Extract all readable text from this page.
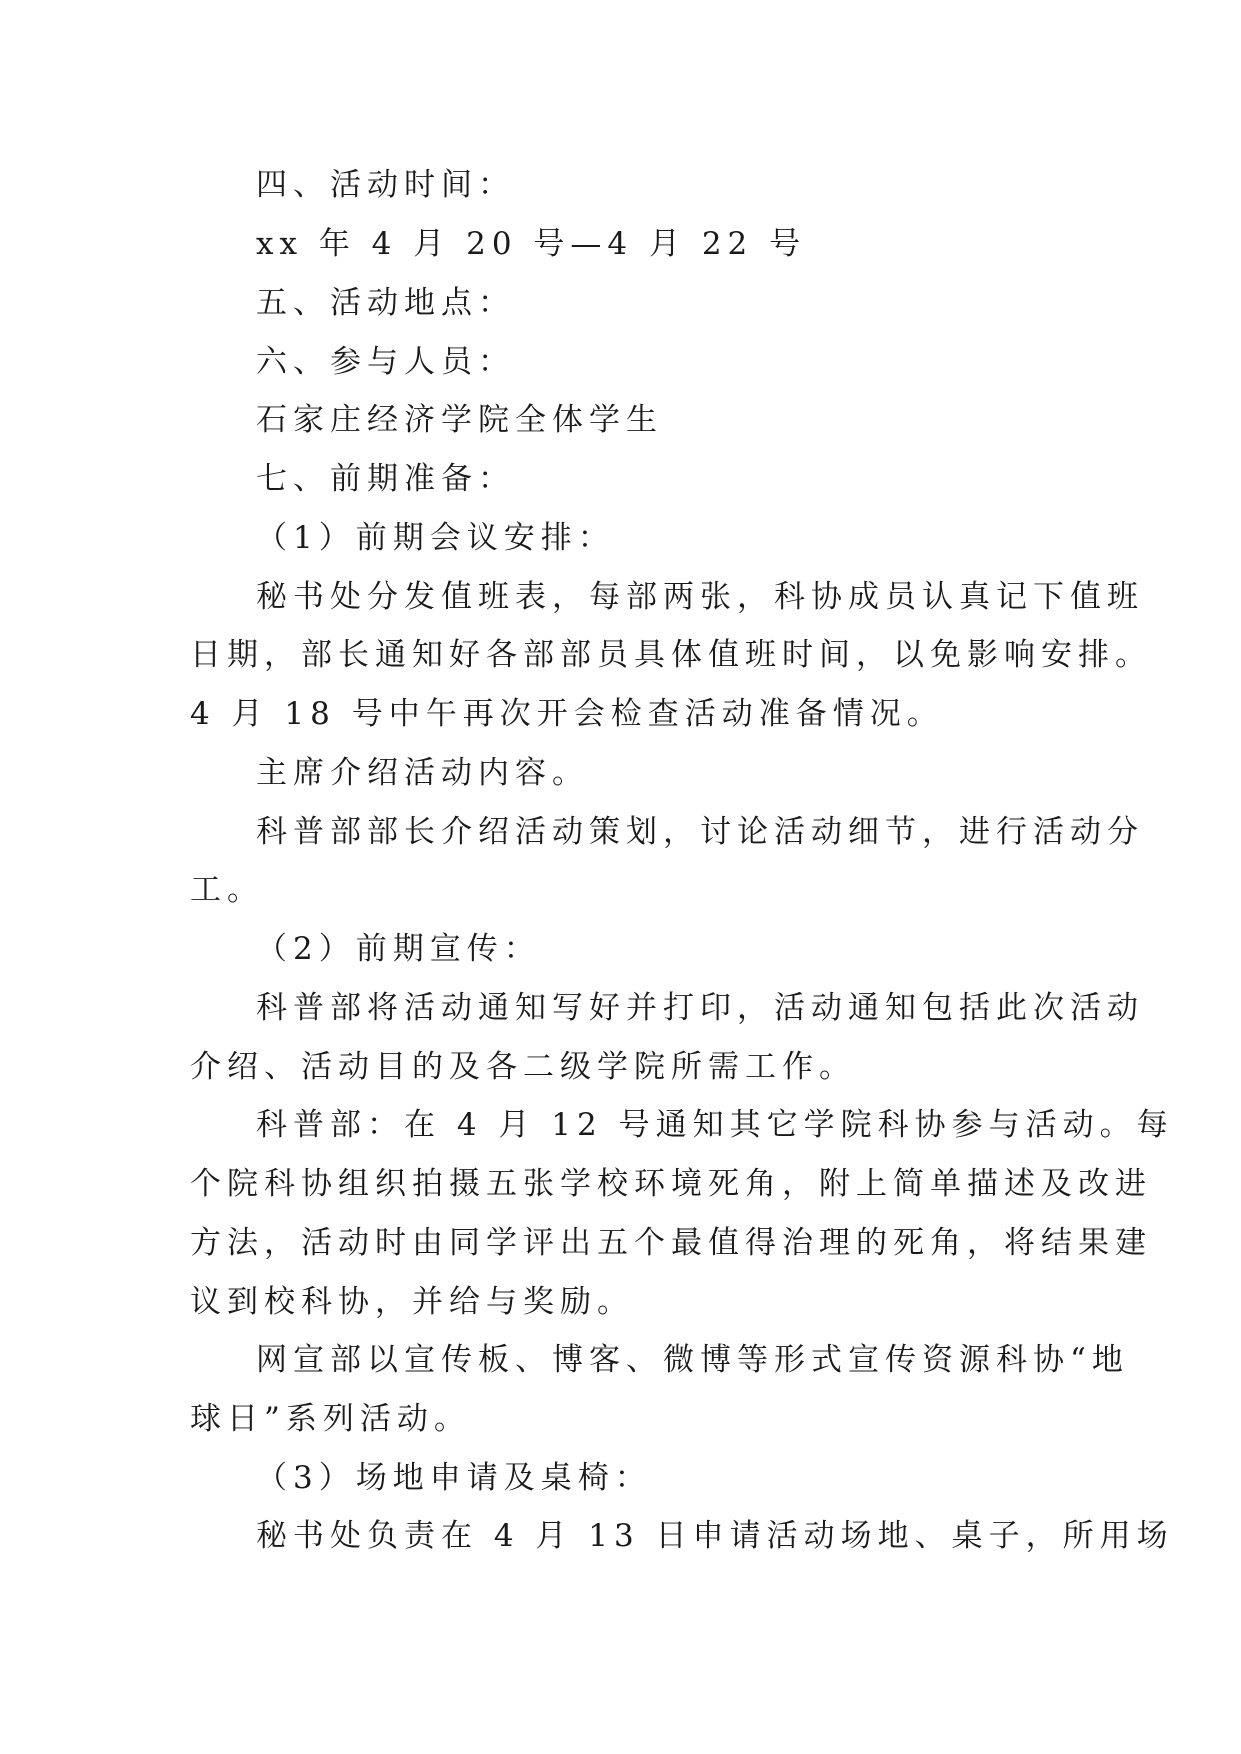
四、活动时间：
xx 年 4 月 20 号—4 月 22 号
五、活动地点：
六、参与人员：
石家庄经济学院全体学生
七、前期准备：
（1）前期会议安排：
秘书处分发值班表，每部两张，科协成员认真记下值班
日期，部长通知好各部部员具体值班时间，以免影响安排。
4 月 18 号中午再次开会检查活动准备情况。
主席介绍活动内容。
科普部部长介绍活动策划，讨论活动细节，进行活动分
工。
（2）前期宣传：
科普部将活动通知写好并打印，活动通知包括此次活动
介绍、活动目的及各二级学院所需工作。
科普部：在 4 月 12 号通知其它学院科协参与活动。每
个院科协组织拍摄五张学校环境死角，附上简单描述及改进
方法，活动时由同学评出五个最值得治理的死角，将结果建
议到校科协，并给与奖励。
网宣部以宣传板、博客、微博等形式宣传资源科协“地
球日”系列活动。
（3）场地申请及桌椅：
秘书处负责在 4 月 13 日申请活动场地、桌子，所用场
